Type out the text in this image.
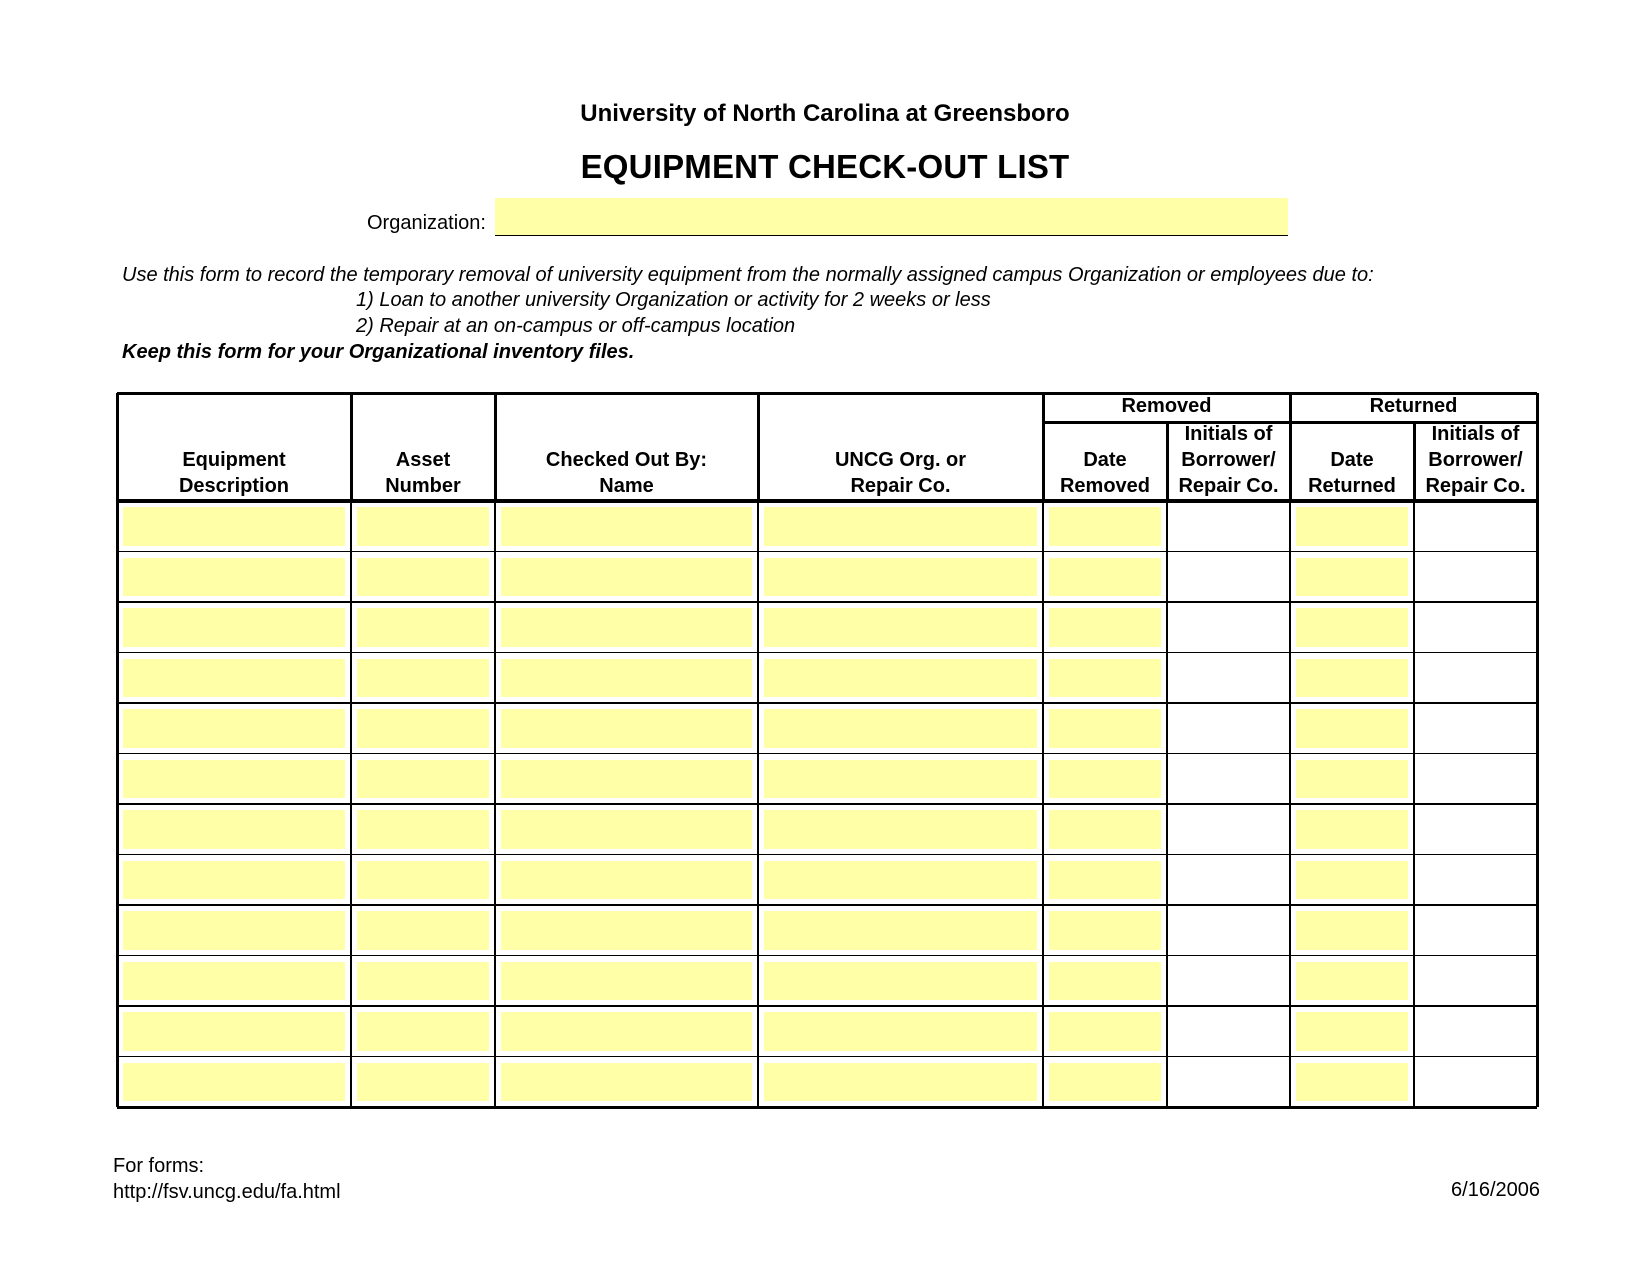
University of North Carolina at Greensboro
EQUIPMENT CHECK-OUT LIST
Organization:
Use this form to record the temporary removal of university equipment from the normally assigned campus Organization or employees due to:
1) Loan to another university Organization or activity for 2 weeks or less
2) Repair at an on-campus or off-campus location
Keep this form for your Organizational inventory files.
Equipment
Description
Asset
Number
Checked Out By:
Name
UNCG Org. or
Repair Co.
Date
Removed
Initials of
Borrower/
Repair Co.
Date
Returned
Initials of
Borrower/
Repair Co.
Removed	Returned
For forms:
http://fsv.uncg.edu/fa.html	6/16/2006
